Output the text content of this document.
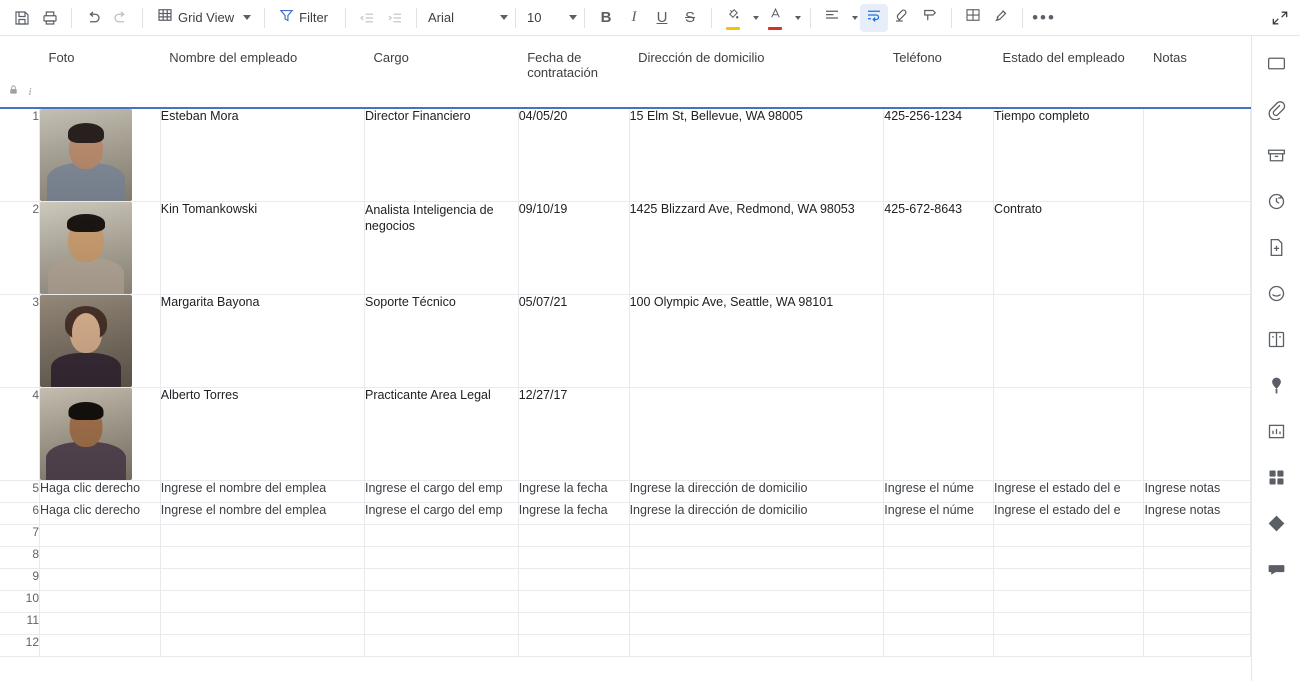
Grid View	Filter	Arial	10	B I U S	•••

	Foto	Nombre del empleado	Cargo	Fecha de contratación	Dirección de domicilio	Teléfono	Estado del empleado	Notas

i								

1		Esteban Mora	Director Financiero	04/05/20	15 Elm St, Bellevue, WA 98005	425-256-1234	Tiempo completo	
2		Kin Tomankowski	Analista Inteligencia de negocios	09/10/19	1425 Blizzard Ave, Redmond, WA 98053	425-672-8643	Contrato	
3		Margarita Bayona	Soporte Técnico	05/07/21	100 Olympic Ave, Seattle, WA 98101			
4		Alberto Torres	Practicante Area Legal	12/27/17				
5	Haga clic derecho	Ingrese el nombre del emplea	Ingrese el cargo del emp	Ingrese la fecha	Ingrese la dirección de domicilio	Ingrese el núme	Ingrese el estado del e	Ingrese notas
6	Haga clic derecho	Ingrese el nombre del emplea	Ingrese el cargo del emp	Ingrese la fecha	Ingrese la dirección de domicilio	Ingrese el núme	Ingrese el estado del e	Ingrese notas
7								
8								
9								
10								
11								
12								
